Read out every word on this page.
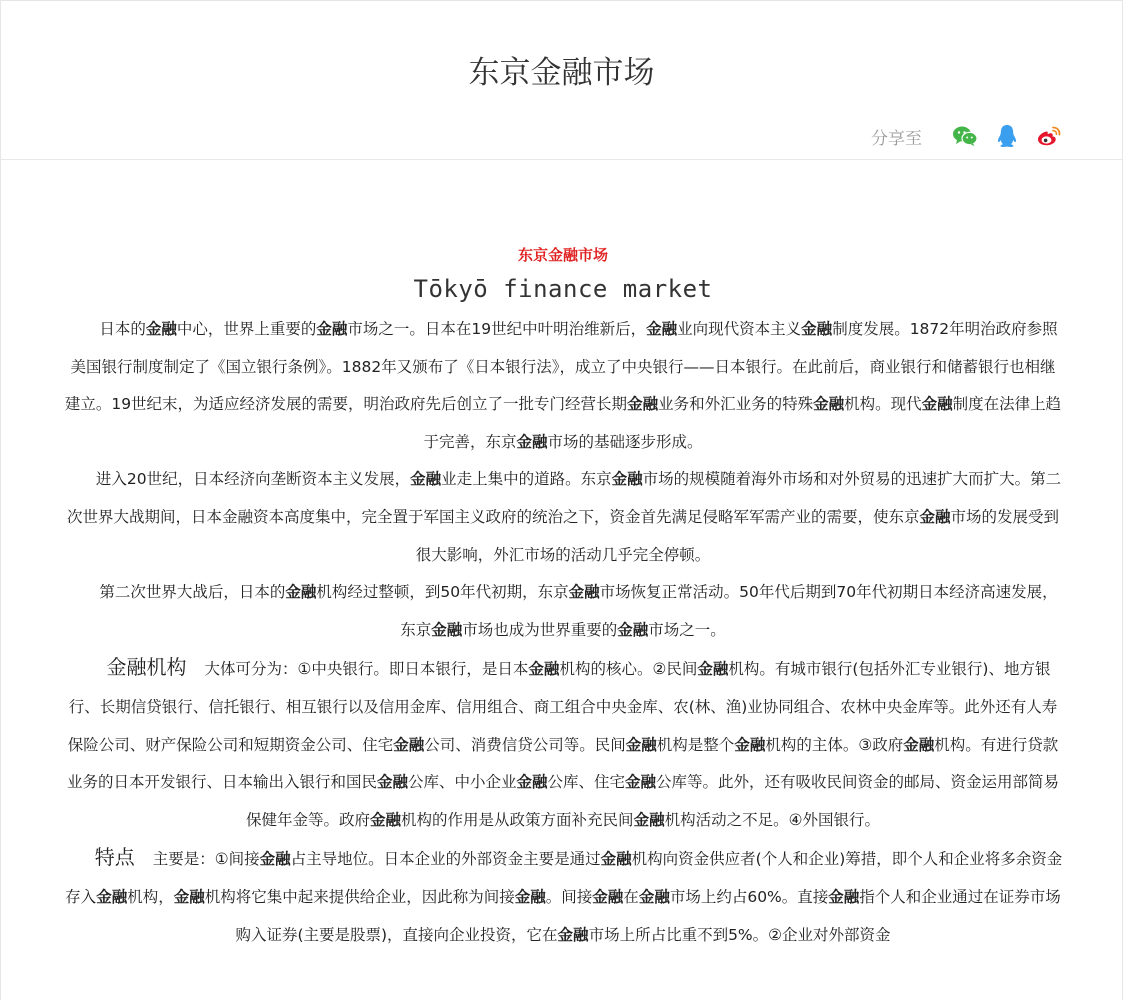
东京金融市场
分享至

东京金融市场

Tōkyō finance market

日本的金融中心，世界上重要的金融市场之一。日本在19世纪中叶明治维新后，金融业向现代资本主义金融制度发展。1872年明治政府参照美国银行制度制定了《国立银行条例》。1882年又颁布了《日本银行法》，成立了中央银行——日本银行。在此前后，商业银行和储蓄银行也相继建立。19世纪末，为适应经济发展的需要，明治政府先后创立了一批专门经营长期金融业务和外汇业务的特殊金融机构。现代金融制度在法律上趋于完善，东京金融市场的基础逐步形成。

进入20世纪，日本经济向垄断资本主义发展，金融业走上集中的道路。东京金融市场的规模随着海外市场和对外贸易的迅速扩大而扩大。第二次世界大战期间，日本金融资本高度集中，完全置于军国主义政府的统治之下，资金首先满足侵略军军需产业的需要，使东京金融市场的发展受到很大影响，外汇市场的活动几乎完全停顿。

第二次世界大战后，日本的金融机构经过整顿，到50年代初期，东京金融市场恢复正常活动。50年代后期到70年代初期日本经济高速发展，东京金融市场也成为世界重要的金融市场之一。

金融机构 大体可分为：①中央银行。即日本银行，是日本金融机构的核心。②民间金融机构。有城市银行(包括外汇专业银行)、地方银行、长期信贷银行、信托银行、相互银行以及信用金库、信用组合、商工组合中央金库、农(林、渔)业协同组合、农林中央金库等。此外还有人寿保险公司、财产保险公司和短期资金公司、住宅金融公司、消费信贷公司等。民间金融机构是整个金融机构的主体。③政府金融机构。有进行贷款业务的日本开发银行、日本输出入银行和国民金融公库、中小企业金融公库、住宅金融公库等。此外，还有吸收民间资金的邮局、资金运用部简易保健年金等。政府金融机构的作用是从政策方面补充民间金融机构活动之不足。④外国银行。

特点 主要是：①间接金融占主导地位。日本企业的外部资金主要是通过金融机构向资金供应者(个人和企业)筹措，即个人和企业将多余资金存入金融机构，金融机构将它集中起来提供给企业，因此称为间接金融。间接金融在金融市场上约占60%。直接金融指个人和企业通过在证券市场购入证券(主要是股票)，直接向企业投资，它在金融市场上所占比重不到5%。②企业对外部资金
